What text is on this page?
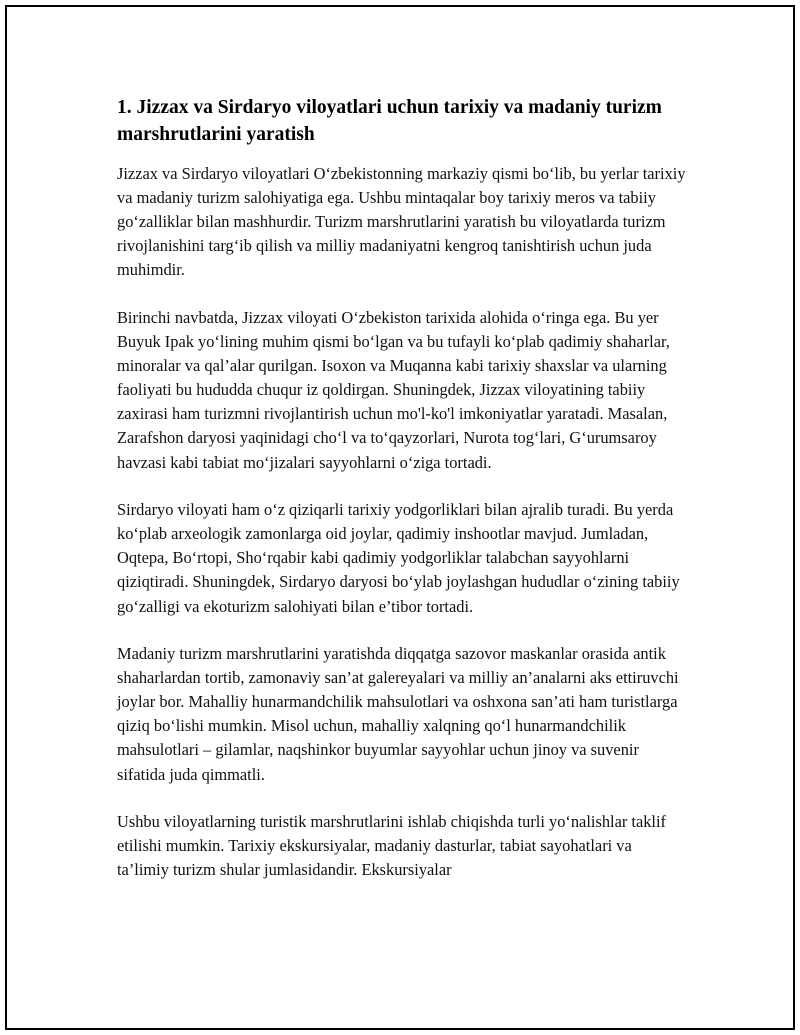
1. Jizzax va Sirdaryo viloyatlari uchun tarixiy va madaniy turizm marshrutlarini yaratish

Jizzax va Sirdaryo viloyatlari O‘zbekistonning markaziy qismi bo‘lib, bu yerlar tarixiy va madaniy turizm salohiyatiga ega. Ushbu mintaqalar boy tarixiy meros va tabiiy go‘zalliklar bilan mashhurdir. Turizm marshrutlarini yaratish bu viloyatlarda turizm rivojlanishini targ‘ib qilish va milliy madaniyatni kengroq tanishtirish uchun juda muhimdir.

Birinchi navbatda, Jizzax viloyati O‘zbekiston tarixida alohida o‘ringa ega. Bu yer Buyuk Ipak yo‘lining muhim qismi bo‘lgan va bu tufayli ko‘plab qadimiy shaharlar, minoralar va qal’alar qurilgan. Isoxon va Muqanna kabi tarixiy shaxslar va ularning faoliyati bu hududda chuqur iz qoldirgan. Shuningdek, Jizzax viloyatining tabiiy zaxirasi ham turizmni rivojlantirish uchun mo'l-ko'l imkoniyatlar yaratadi. Masalan, Zarafshon daryosi yaqinidagi cho‘l va to‘qayzorlari, Nurota tog‘lari, G‘urumsaroy havzasi kabi tabiat mo‘jizalari sayyohlarni o‘ziga tortadi.

Sirdaryo viloyati ham o‘z qiziqarli tarixiy yodgorliklari bilan ajralib turadi. Bu yerda ko‘plab arxeologik zamonlarga oid joylar, qadimiy inshootlar mavjud. Jumladan, Oqtepa, Bo‘rtopi, Sho‘rqabir kabi qadimiy yodgorliklar talabchan sayyohlarni qiziqtiradi. Shuningdek, Sirdaryo daryosi bo‘ylab joylashgan hududlar o‘zining tabiiy go‘zalligi va ekoturizm salohiyati bilan e’tibor tortadi.

Madaniy turizm marshrutlarini yaratishda diqqatga sazovor maskanlar orasida antik shaharlardan tortib, zamonaviy san’at galereyalari va milliy an’analarni aks ettiruvchi joylar bor. Mahalliy hunarmandchilik mahsulotlari va oshxona san’ati ham turistlarga qiziq bo‘lishi mumkin. Misol uchun, mahalliy xalqning qo‘l hunarmandchilik mahsulotlari – gilamlar, naqshinkor buyumlar sayyohlar uchun jinoy va suvenir sifatida juda qimmatli.

Ushbu viloyatlarning turistik marshrutlarini ishlab chiqishda turli yo‘nalishlar taklif etilishi mumkin. Tarixiy ekskursiyalar, madaniy dasturlar, tabiat sayohatlari va ta’limiy turizm shular jumlasidandir. Ekskursiyalar
